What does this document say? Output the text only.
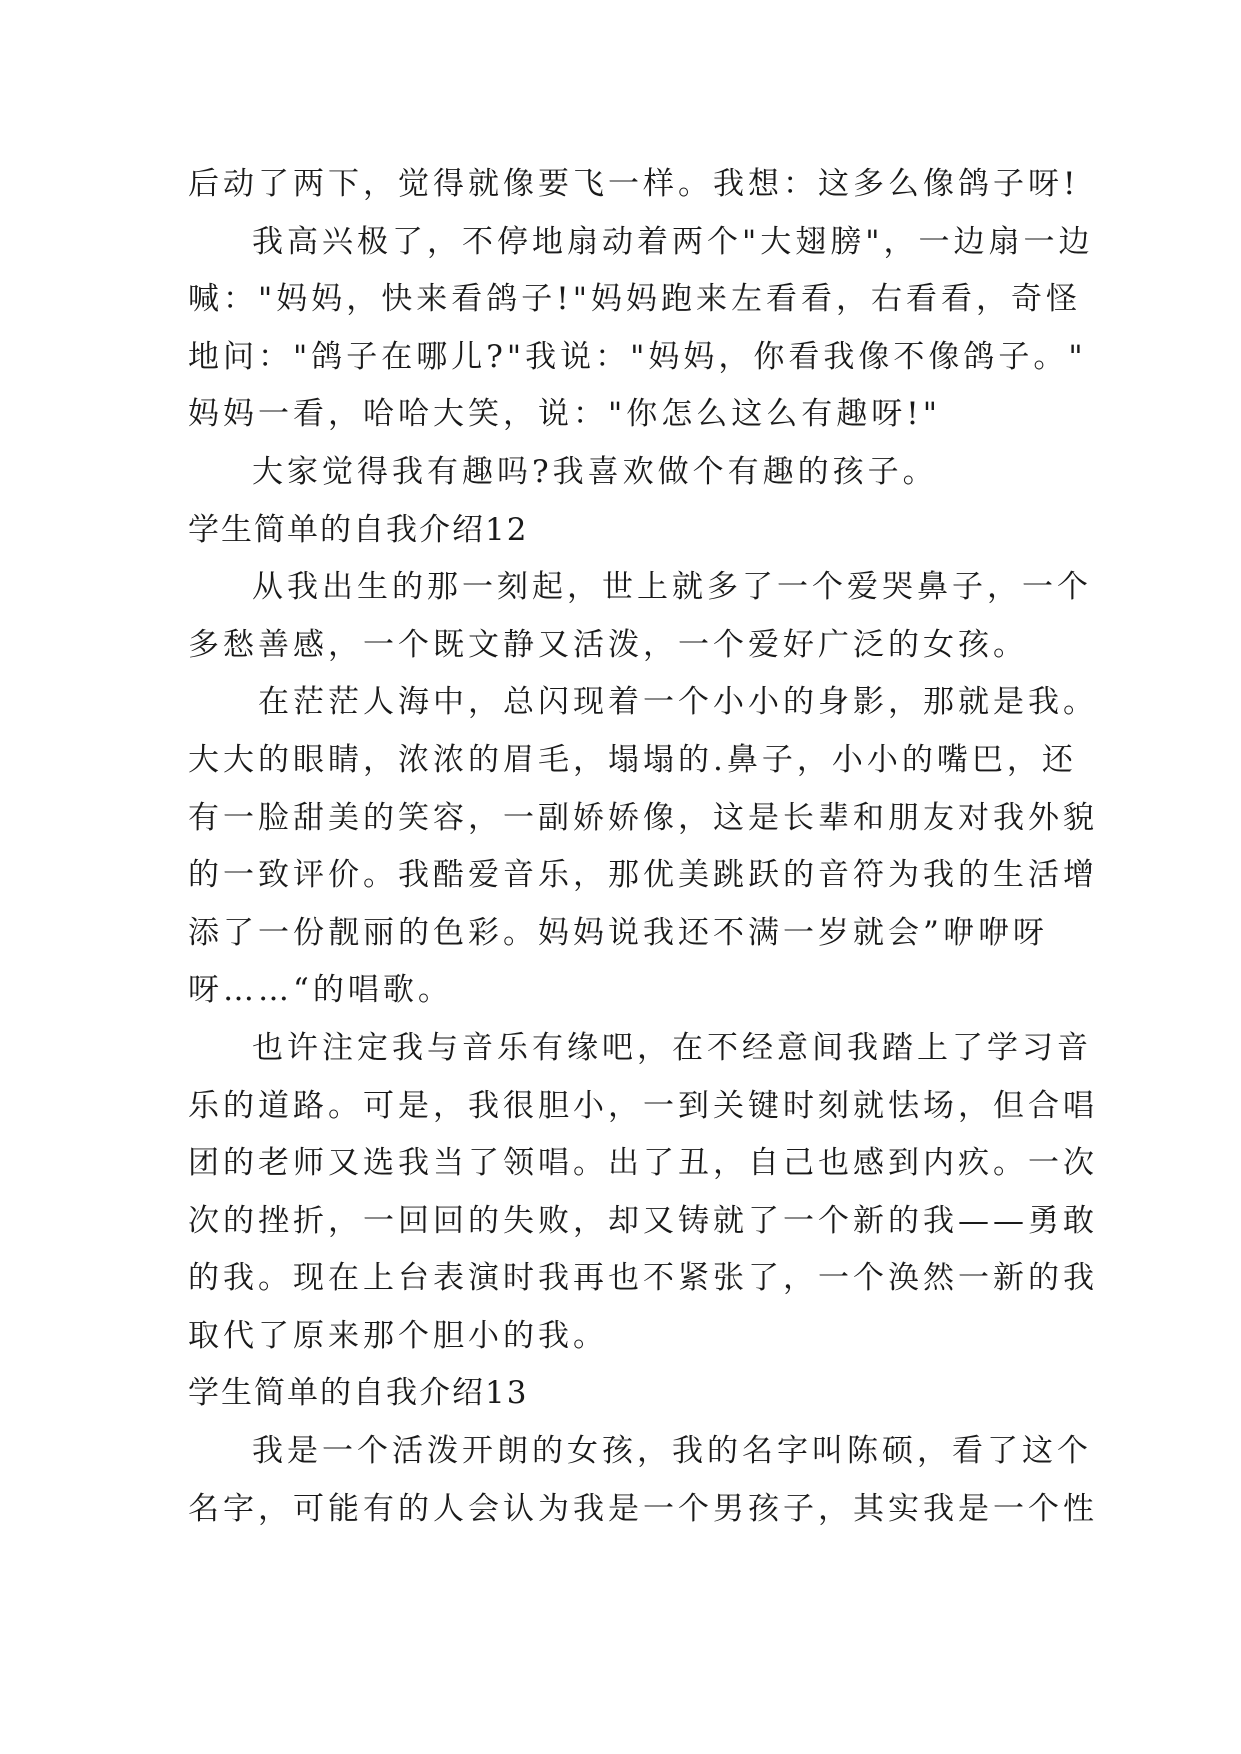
后动了两下，觉得就像要飞一样。我想：这多么像鸽子呀!

我高兴极了，不停地扇动着两个"大翅膀"，一边扇一边

喊："妈妈，快来看鸽子!"妈妈跑来左看看，右看看，奇怪

地问："鸽子在哪儿?"我说："妈妈，你看我像不像鸽子。"

妈妈一看，哈哈大笑，说："你怎么这么有趣呀!"

大家觉得我有趣吗?我喜欢做个有趣的孩子。

学生简单的自我介绍12

从我出生的那一刻起，世上就多了一个爱哭鼻子，一个

多愁善感，一个既文静又活泼，一个爱好广泛的女孩。

在茫茫人海中，总闪现着一个小小的身影，那就是我。

大大的眼睛，浓浓的眉毛，塌塌的.鼻子，小小的嘴巴，还

有一脸甜美的笑容，一副娇娇像，这是长辈和朋友对我外貌

的一致评价。我酷爱音乐，那优美跳跃的音符为我的生活增

添了一份靓丽的色彩。妈妈说我还不满一岁就会”咿咿呀

呀……“的唱歌。

也许注定我与音乐有缘吧，在不经意间我踏上了学习音

乐的道路。可是，我很胆小，一到关键时刻就怯场，但合唱

团的老师又选我当了领唱。出了丑，自己也感到内疚。一次

次的挫折，一回回的失败，却又铸就了一个新的我——勇敢

的我。现在上台表演时我再也不紧张了，一个涣然一新的我

取代了原来那个胆小的我。

学生简单的自我介绍13

我是一个活泼开朗的女孩，我的名字叫陈硕，看了这个

名字，可能有的人会认为我是一个男孩子，其实我是一个性
